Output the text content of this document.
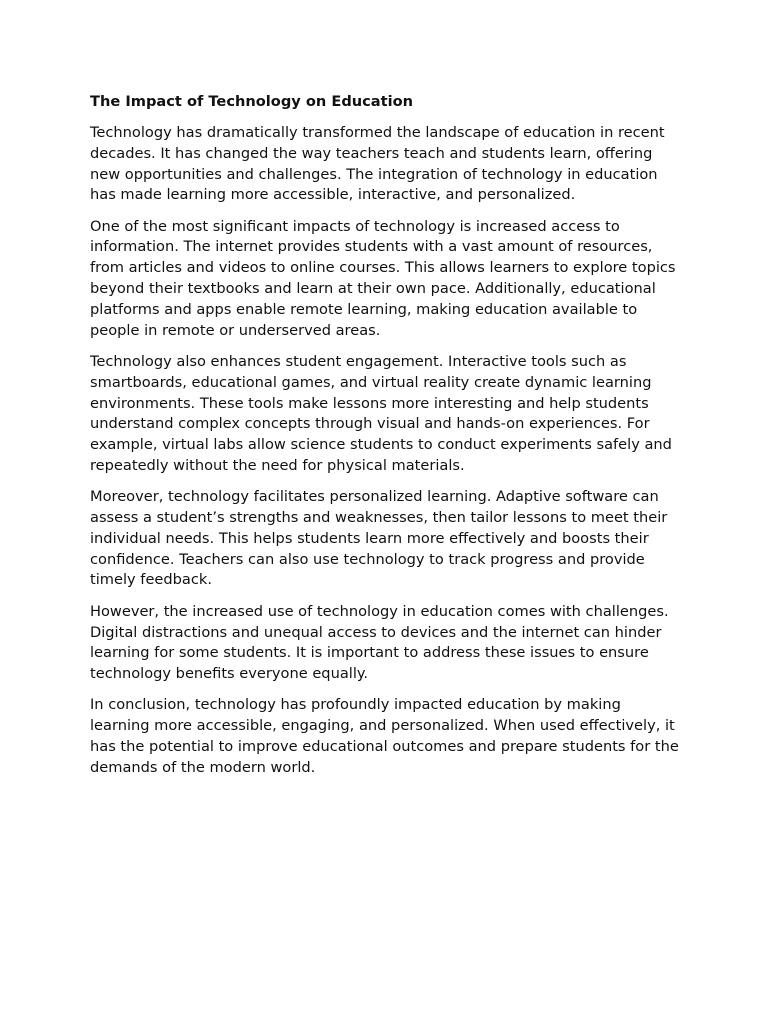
The Impact of Technology on Education

Technology has dramatically transformed the landscape of education in recent decades. It has changed the way teachers teach and students learn, offering new opportunities and challenges. The integration of technology in education has made learning more accessible, interactive, and personalized.

One of the most significant impacts of technology is increased access to information. The internet provides students with a vast amount of resources, from articles and videos to online courses. This allows learners to explore topics beyond their textbooks and learn at their own pace. Additionally, educational platforms and apps enable remote learning, making education available to people in remote or underserved areas.

Technology also enhances student engagement. Interactive tools such as smartboards, educational games, and virtual reality create dynamic learning environments. These tools make lessons more interesting and help students understand complex concepts through visual and hands-on experiences. For example, virtual labs allow science students to conduct experiments safely and repeatedly without the need for physical materials.

Moreover, technology facilitates personalized learning. Adaptive software can assess a student’s strengths and weaknesses, then tailor lessons to meet their individual needs. This helps students learn more effectively and boosts their confidence. Teachers can also use technology to track progress and provide timely feedback.

However, the increased use of technology in education comes with challenges. Digital distractions and unequal access to devices and the internet can hinder learning for some students. It is important to address these issues to ensure technology benefits everyone equally.

In conclusion, technology has profoundly impacted education by making learning more accessible, engaging, and personalized. When used effectively, it has the potential to improve educational outcomes and prepare students for the demands of the modern world.
